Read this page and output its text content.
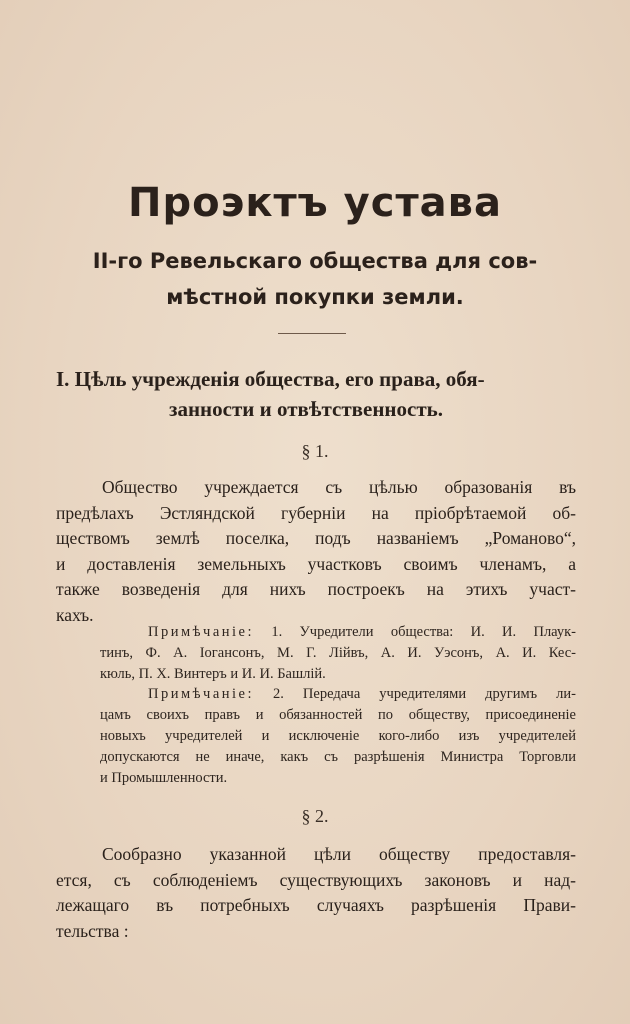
Проэктъ устава
II-го Ревельскаго общества для сов-
мѣстной покупки земли.
I. Цѣль учрежденія общества, его права, обя-
занности и отвѣтственность.
§ 1.
Общество учреждается съ цѣлью образованія въ
предѣлахъ Эстляндской губерніи на пріобрѣтаемой об-
ществомъ землѣ поселка, подъ названіемъ „Романово“,
и доставленія земельныхъ участковъ своимъ членамъ, а
также возведенія для нихъ построекъ на этихъ участ-
кахъ.
Примѣчаніе: 1. Учредители общества: И. И. Плаук-
тинъ, Ф. А. Іогансонъ, М. Г. Лійвъ, А. И. Уэсонъ, А. И. Кес-
кюль, П. Х. Винтеръ и И. И. Башлій.
Примѣчаніе: 2. Передача учредителями другимъ ли-
цамъ своихъ правъ и обязанностей по обществу, присоединеніе
новыхъ учредителей и исключеніе кого-либо изъ учредителей
допускаются не иначе, какъ съ разрѣшенія Министра Торговли
и Промышленности.
§ 2.
Сообразно указанной цѣли обществу предоставля-
ется, съ соблюденіемъ существующихъ законовъ и над-
лежащаго въ потребныхъ случаяхъ разрѣшенія Прави-
тельства :
